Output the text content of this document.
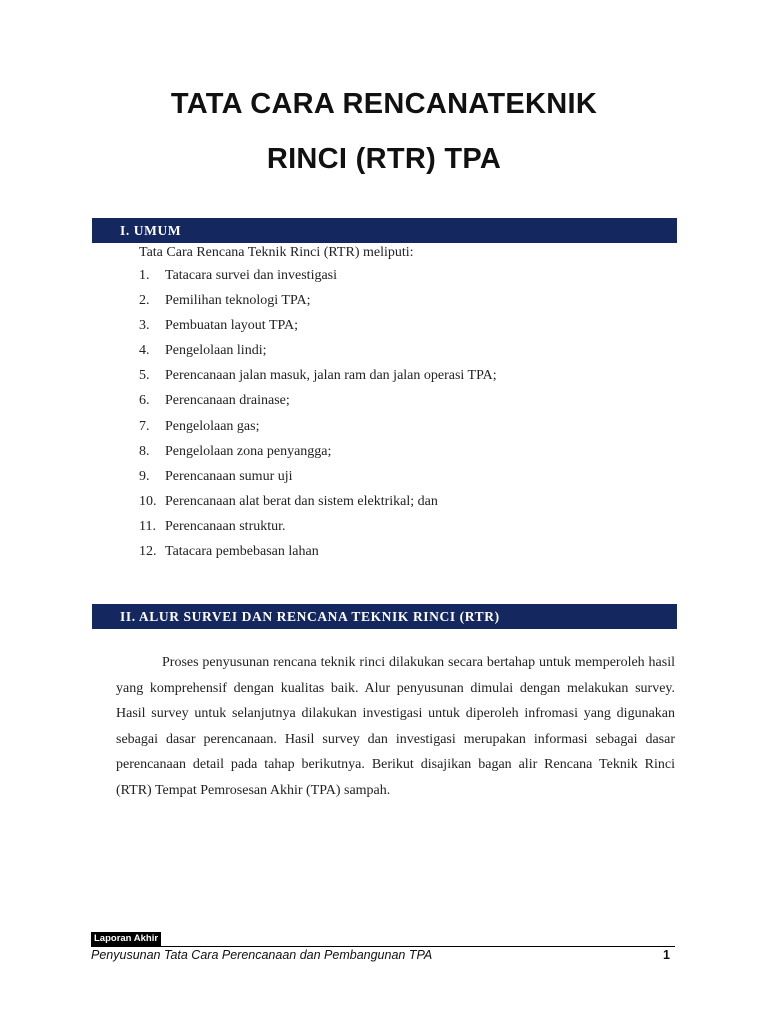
TATA CARA RENCANATEKNIK
RINCI (RTR) TPA
I. UMUM
Tata Cara Rencana Teknik Rinci (RTR) meliputi:
1. Tatacara survei dan investigasi
2. Pemilihan teknologi TPA;
3. Pembuatan layout TPA;
4. Pengelolaan lindi;
5. Perencanaan jalan masuk, jalan ram dan jalan operasi TPA;
6. Perencanaan drainase;
7. Pengelolaan gas;
8. Pengelolaan zona penyangga;
9. Perencanaan sumur uji
10. Perencanaan alat berat dan sistem elektrikal; dan
11. Perencanaan struktur.
12. Tatacara pembebasan lahan
II. ALUR SURVEI DAN RENCANA TEKNIK RINCI (RTR)

Proses penyusunan rencana teknik rinci dilakukan secara bertahap untuk memperoleh hasil yang komprehensif dengan kualitas baik. Alur penyusunan dimulai dengan melakukan survey. Hasil survey untuk selanjutnya dilakukan investigasi untuk diperoleh infromasi yang digunakan sebagai dasar perencanaan. Hasil survey dan investigasi merupakan informasi sebagai dasar perencanaan detail pada tahap berikutnya. Berikut disajikan bagan alir Rencana Teknik Rinci (RTR) Tempat Pemrosesan Akhir (TPA) sampah.

Laporan Akhir
Penyusunan Tata Cara Perencanaan dan Pembangunan TPA	1
